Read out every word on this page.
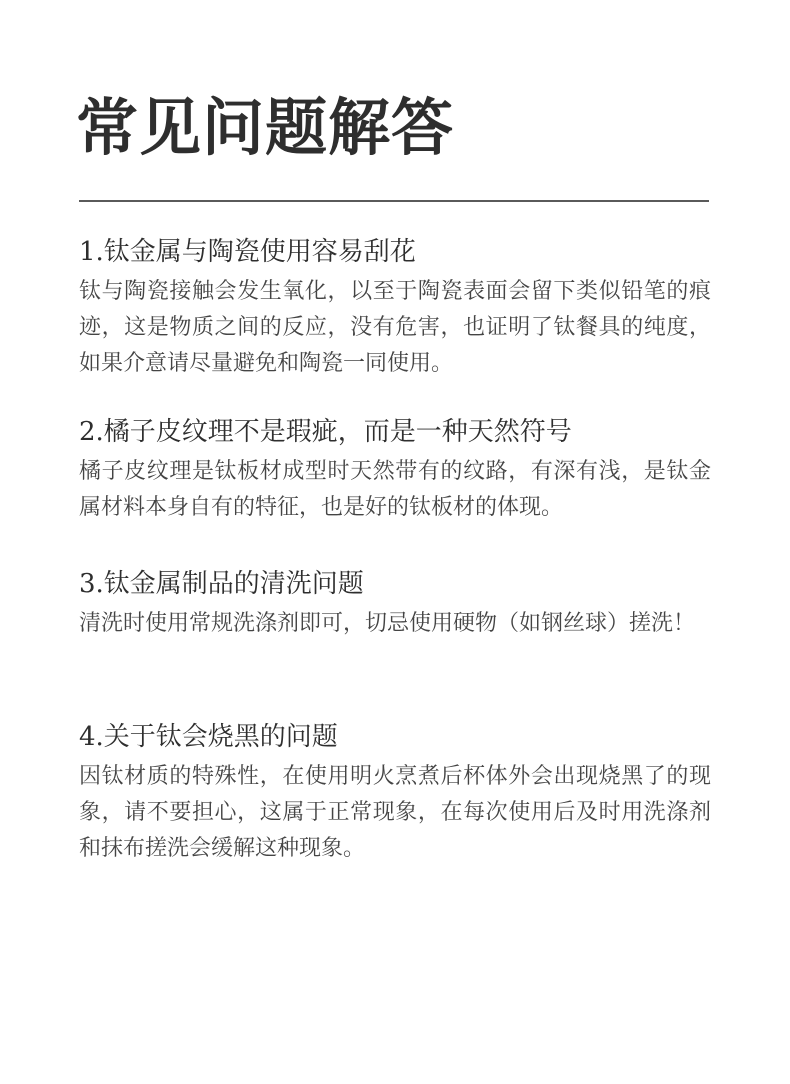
常见问题解答
1.钛金属与陶瓷使用容易刮花

钛与陶瓷接触会发生氧化，以至于陶瓷表面会留下类似铅笔的痕迹，这是物质之间的反应，没有危害，也证明了钛餐具的纯度，如果介意请尽量避免和陶瓷一同使用。

2.橘子皮纹理不是瑕疵，而是一种天然符号

橘子皮纹理是钛板材成型时天然带有的纹路，有深有浅，是钛金属材料本身自有的特征，也是好的钛板材的体现。

3.钛金属制品的清洗问题

清洗时使用常规洗涤剂即可，切忌使用硬物（如钢丝球）搓洗！

4.关于钛会烧黑的问题

因钛材质的特殊性，在使用明火烹煮后杯体外会出现烧黑了的现象，请不要担心，这属于正常现象，在每次使用后及时用洗涤剂和抹布搓洗会缓解这种现象。
